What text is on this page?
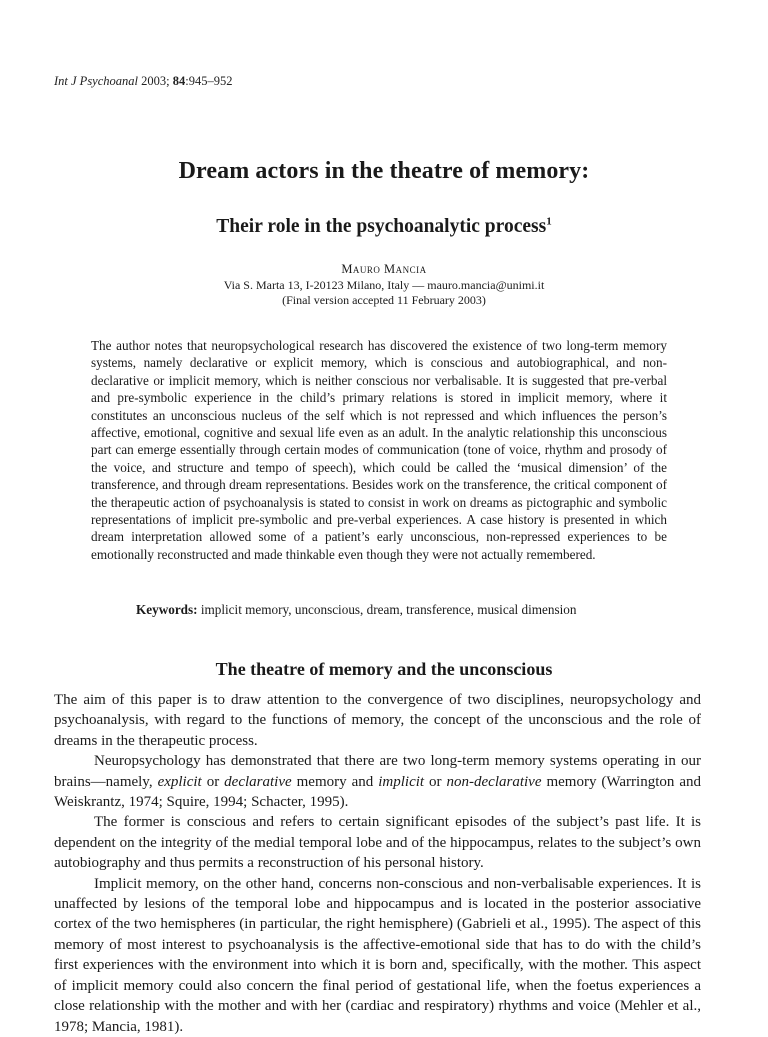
Int J Psychoanal 2003; 84:945–952
Dream actors in the theatre of memory:
Their role in the psychoanalytic process$^1$
Mauro Mancia
Via S. Marta 13, I-20123 Milano, Italy — mauro.mancia@unimi.it
(Final version accepted 11 February 2003)
The author notes that neuropsychological research has discovered the existence of two long-term memory systems, namely declarative or explicit memory, which is conscious and autobiographical, and non-declarative or implicit memory, which is neither conscious nor verbalisable. It is suggested that pre-verbal and pre-symbolic experience in the child’s primary relations is stored in implicit memory, where it constitutes an unconscious nucleus of the self which is not repressed and which influences the person’s affective, emotional, cognitive and sexual life even as an adult. In the analytic relationship this unconscious part can emerge essentially through certain modes of communication (tone of voice, rhythm and prosody of the voice, and structure and tempo of speech), which could be called the ‘musical dimension’ of the transference, and through dream representations. Besides work on the transference, the critical component of the therapeutic action of psychoanalysis is stated to consist in work on dreams as pictographic and symbolic representations of implicit pre-symbolic and pre-verbal experiences. A case history is presented in which dream interpretation allowed some of a patient’s early unconscious, non-repressed experiences to be emotionally reconstructed and made thinkable even though they were not actually remembered.
Keywords: implicit memory, unconscious, dream, transference, musical dimension
The theatre of memory and the unconscious

The aim of this paper is to draw attention to the convergence of two disciplines, neuropsychology and psychoanalysis, with regard to the functions of memory, the concept of the unconscious and the role of dreams in the therapeutic process.

Neuropsychology has demonstrated that there are two long-term memory systems operating in our brains—namely, explicit or declarative memory and implicit or non-declarative memory (Warrington and Weiskrantz, 1974; Squire, 1994; Schacter, 1995).

The former is conscious and refers to certain significant episodes of the subject’s past life. It is dependent on the integrity of the medial temporal lobe and of the hippocampus, relates to the subject’s own autobiography and thus permits a reconstruction of his personal history.

Implicit memory, on the other hand, concerns non-conscious and non-verbalisable experiences. It is unaffected by lesions of the temporal lobe and hippocampus and is located in the posterior associative cortex of the two hemispheres (in particular, the right hemisphere) (Gabrieli et al., 1995). The aspect of this memory of most interest to psychoanalysis is the affective-emotional side that has to do with the child’s first experiences with the environment into which it is born and, specifically, with the mother. This aspect of implicit memory could also concern the final period of gestational life, when the foetus experiences a close relationship with the mother and with her (cardiac and respiratory) rhythms and voice (Mehler et al., 1978; Mancia, 1981).
